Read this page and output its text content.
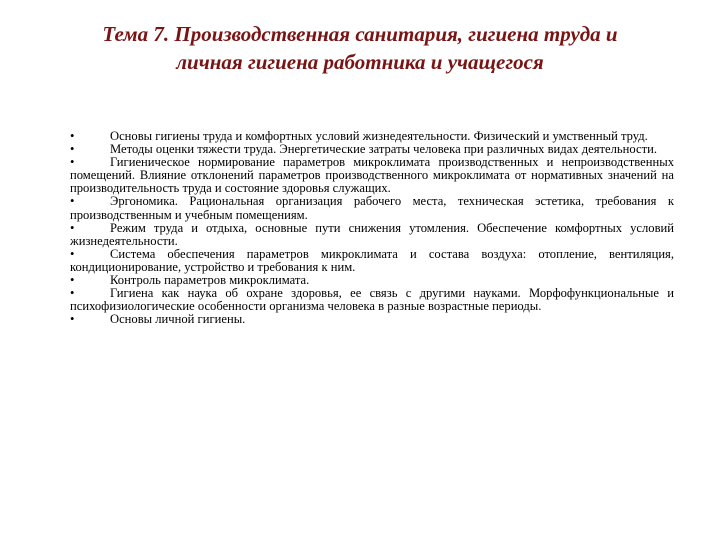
Тема 7. Производственная санитария, гигиена труда и
личная гигиена работника и учащегося

•	Основы гигиены труда и комфортных условий жизнедеятельности. Физический и умственный труд.

•	Методы оценки тяжести труда. Энергетические затраты человека при различных видах деятельности.

•	Гигиеническое нормирование параметров микроклимата производственных и непроизводственных помещений. Влияние отклонений параметров производственного микроклимата от нормативных значений на производительность труда и состояние здоровья служащих.

•	Эргономика. Рациональная организация рабочего места, техническая эстетика, требования к производственным и учебным помещениям.

•	Режим труда и отдыха, основные пути снижения утомления. Обеспечение комфортных условий жизнедеятельности.

•	Система обеспечения параметров микроклимата и состава воздуха: отопление, вентиляция, кондиционирование, устройство и требования к ним.

•	Контроль параметров микроклимата.

•	Гигиена как наука об охране здоровья, ее связь с другими науками. Морфофункциональные и психофизиологические особенности организма человека в разные возрастные периоды.

•	Основы личной гигиены.
